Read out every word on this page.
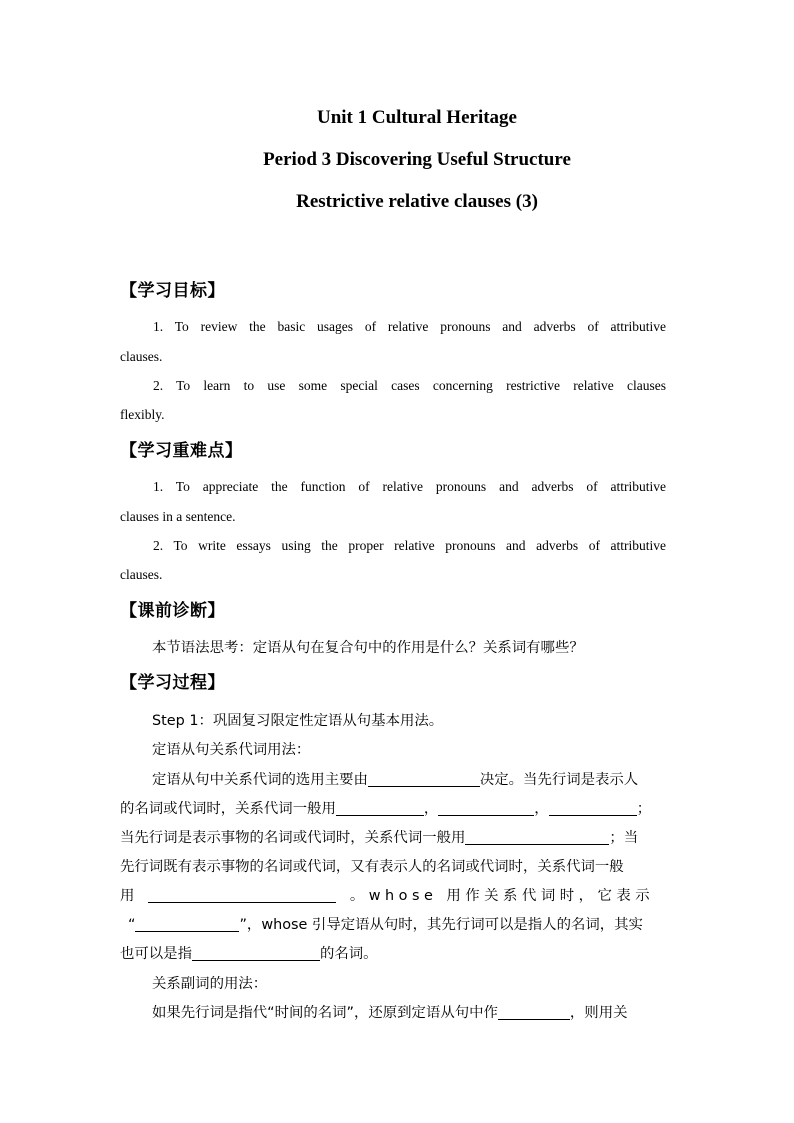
Unit 1 Cultural Heritage
Period 3 Discovering Useful Structure
Restrictive relative clauses (3)
【学习目标】
1. To review the basic usages of relative pronouns and adverbs of attributive
clauses.
2. To learn to use some special cases concerning restrictive relative clauses
flexibly.
【学习重难点】
1. To appreciate the function of relative pronouns and adverbs of attributive
clauses in a sentence.
2. To write essays using the proper relative pronouns and adverbs of attributive
clauses.
【课前诊断】
本节语法思考：定语从句在复合句中的作用是什么？关系词有哪些？
【学习过程】
Step 1：巩固复习限定性定语从句基本用法。
定语从句关系代词用法：
定语从句中关系代词的选用主要由	决定。当先行词是表示人
的名词或代词时，关系代词一般用	，	，	；
当先行词是表示事物的名词或代词时，关系代词一般用	；当
先行词既有表示事物的名词或代词，又有表示人的名词或代词时，关系代词一般
用	。whose 用作关系代词时，它表示
“	”，whose 引导定语从句时，其先行词可以是指人的名词，其实
也可以是指	的名词。
关系副词的用法：
如果先行词是指代“时间的名词”，还原到定语从句中作	，则用关
